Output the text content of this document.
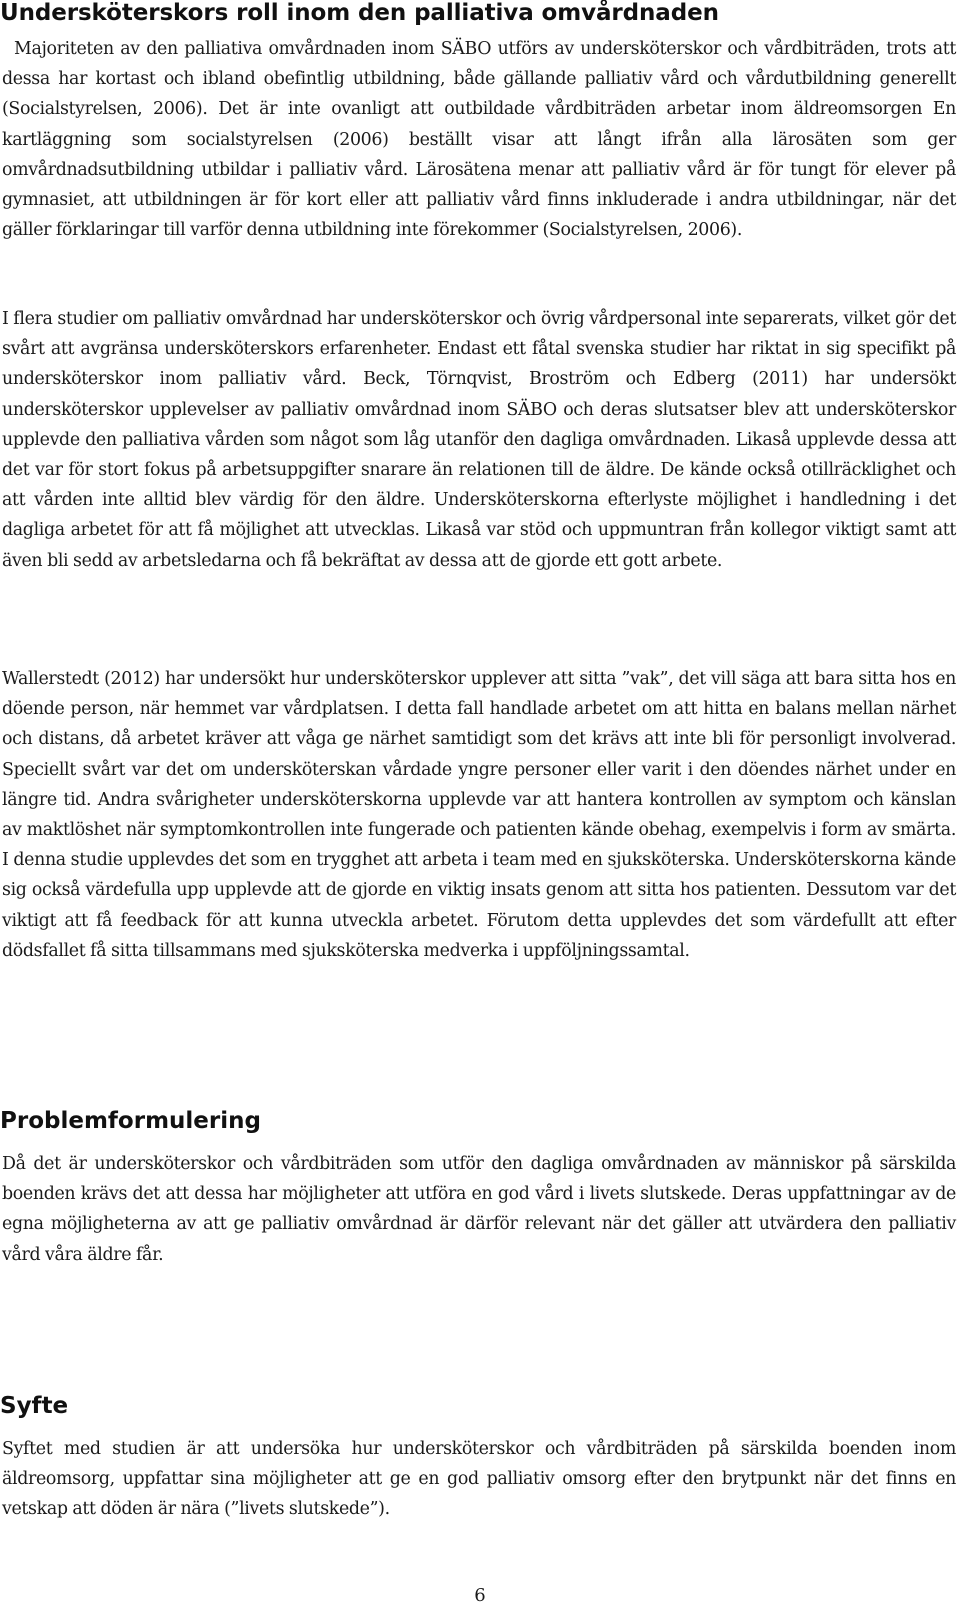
Undersköterskors roll inom den palliativa omvårdnaden

Majoriteten av den palliativa omvårdnaden inom SÄBO utförs av undersköterskor och vårdbiträden, trots att dessa har kortast och ibland obefintlig utbildning, både gällande palliativ vård och vårdutbildning generellt (Socialstyrelsen, 2006). Det är inte ovanligt att outbildade vårdbiträden arbetar inom äldreomsorgen En kartläggning som socialstyrelsen (2006) beställt visar att långt ifrån alla lärosäten som ger omvårdnadsutbildning utbildar i palliativ vård. Lärosätena menar att palliativ vård är för tungt för elever på gymnasiet, att utbildningen är för kort eller att palliativ vård finns inkluderade i andra utbildningar, när det gäller förklaringar till varför denna utbildning inte förekommer (Socialstyrelsen, 2006).

I flera studier om palliativ omvårdnad har undersköterskor och övrig vårdpersonal inte separerats, vilket gör det svårt att avgränsa undersköterskors erfarenheter. Endast ett fåtal svenska studier har riktat in sig specifikt på undersköterskor inom palliativ vård. Beck, Törnqvist, Broström och Edberg (2011) har undersökt undersköterskor upplevelser av palliativ omvårdnad inom SÄBO och deras slutsatser blev att undersköterskor upplevde den palliativa vården som något som låg utanför den dagliga omvårdnaden. Likaså upplevde dessa att det var för stort fokus på arbetsuppgifter snarare än relationen till de äldre. De kände också otillräcklighet och att vården inte alltid blev värdig för den äldre. Undersköterskorna efterlyste möjlighet i handledning i det dagliga arbetet för att få möjlighet att utvecklas. Likaså var stöd och uppmuntran från kollegor viktigt samt att även bli sedd av arbetsledarna och få bekräftat av dessa att de gjorde ett gott arbete.

Wallerstedt (2012) har undersökt hur undersköterskor upplever att sitta ”vak”, det vill säga att bara sitta hos en döende person, när hemmet var vårdplatsen. I detta fall handlade arbetet om att hitta en balans mellan närhet och distans, då arbetet kräver att våga ge närhet samtidigt som det krävs att inte bli för personligt involverad. Speciellt svårt var det om undersköterskan vårdade yngre personer eller varit i den döendes närhet under en längre tid. Andra svårigheter undersköterskorna upplevde var att hantera kontrollen av symptom och känslan av maktlöshet när symptomkontrollen inte fungerade och patienten kände obehag, exempelvis i form av smärta. I denna studie upplevdes det som en trygghet att arbeta i team med en sjuksköterska. Undersköterskorna kände sig också värdefulla upp upplevde att de gjorde en viktig insats genom att sitta hos patienten. Dessutom var det viktigt att få feedback för att kunna utveckla arbetet. Förutom detta upplevdes det som värdefullt att efter dödsfallet få sitta tillsammans med sjuksköterska medverka i uppföljningssamtal.

Problemformulering

Då det är undersköterskor och vårdbiträden som utför den dagliga omvårdnaden av människor på särskilda boenden krävs det att dessa har möjligheter att utföra en god vård i livets slutskede. Deras uppfattningar av de egna möjligheterna av att ge palliativ omvårdnad är därför relevant när det gäller att utvärdera den palliativ vård våra äldre får.

Syfte

Syftet med studien är att undersöka hur undersköterskor och vårdbiträden på särskilda boenden inom äldreomsorg, uppfattar sina möjligheter att ge en god palliativ omsorg efter den brytpunkt när det finns en vetskap att döden är nära (”livets slutskede”).

6
